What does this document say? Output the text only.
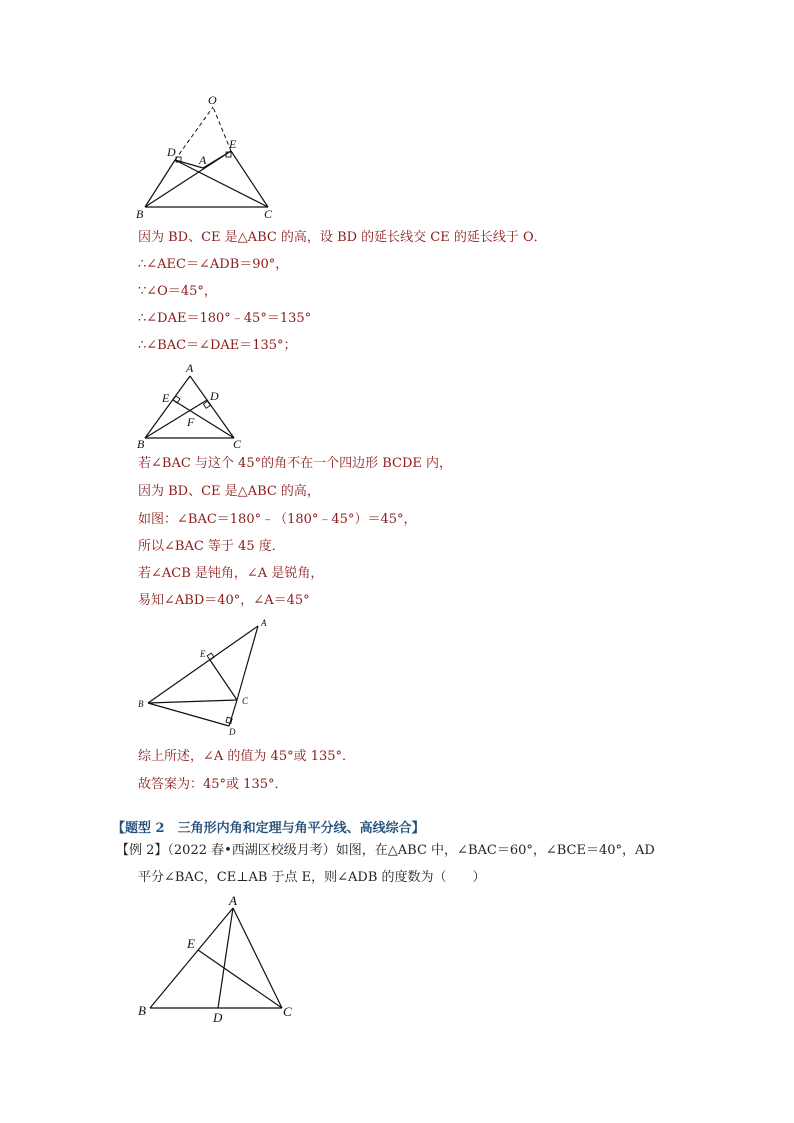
O
D
E
A
B	C
因为 BD、CE 是△ABC 的高，设 BD 的延长线交 CE 的延长线于 O．
∴∠AEC＝∠ADB＝90°，
∵∠O＝45°，
∴∠DAE＝180°﹣45°＝135°
∴∠BAC＝∠DAE＝135°；
A
E	D
F
B	C
若∠BAC 与这个 45°的角不在一个四边形 BCDE 内，
因为 BD、CE 是△ABC 的高，
如图：∠BAC＝180°﹣（180°﹣45°）＝45°，
所以∠BAC 等于 45 度．
若∠ACB 是钝角，∠A 是锐角，
易知∠ABD＝40°，∠A＝45°
A
E
C
B
D
综上所述，∠A 的值为 45°或 135°．
故答案为：45°或 135°．
【题型 2　三角形内角和定理与角平分线、高线综合】
【例 2】（2022 春•西湖区校级月考）如图，在△ABC 中，∠BAC＝60°，∠BCE＝40°，AD
平分∠BAC，CE⊥AB 于点 E，则∠ADB 的度数为（　　）
A
E
B	D	C
